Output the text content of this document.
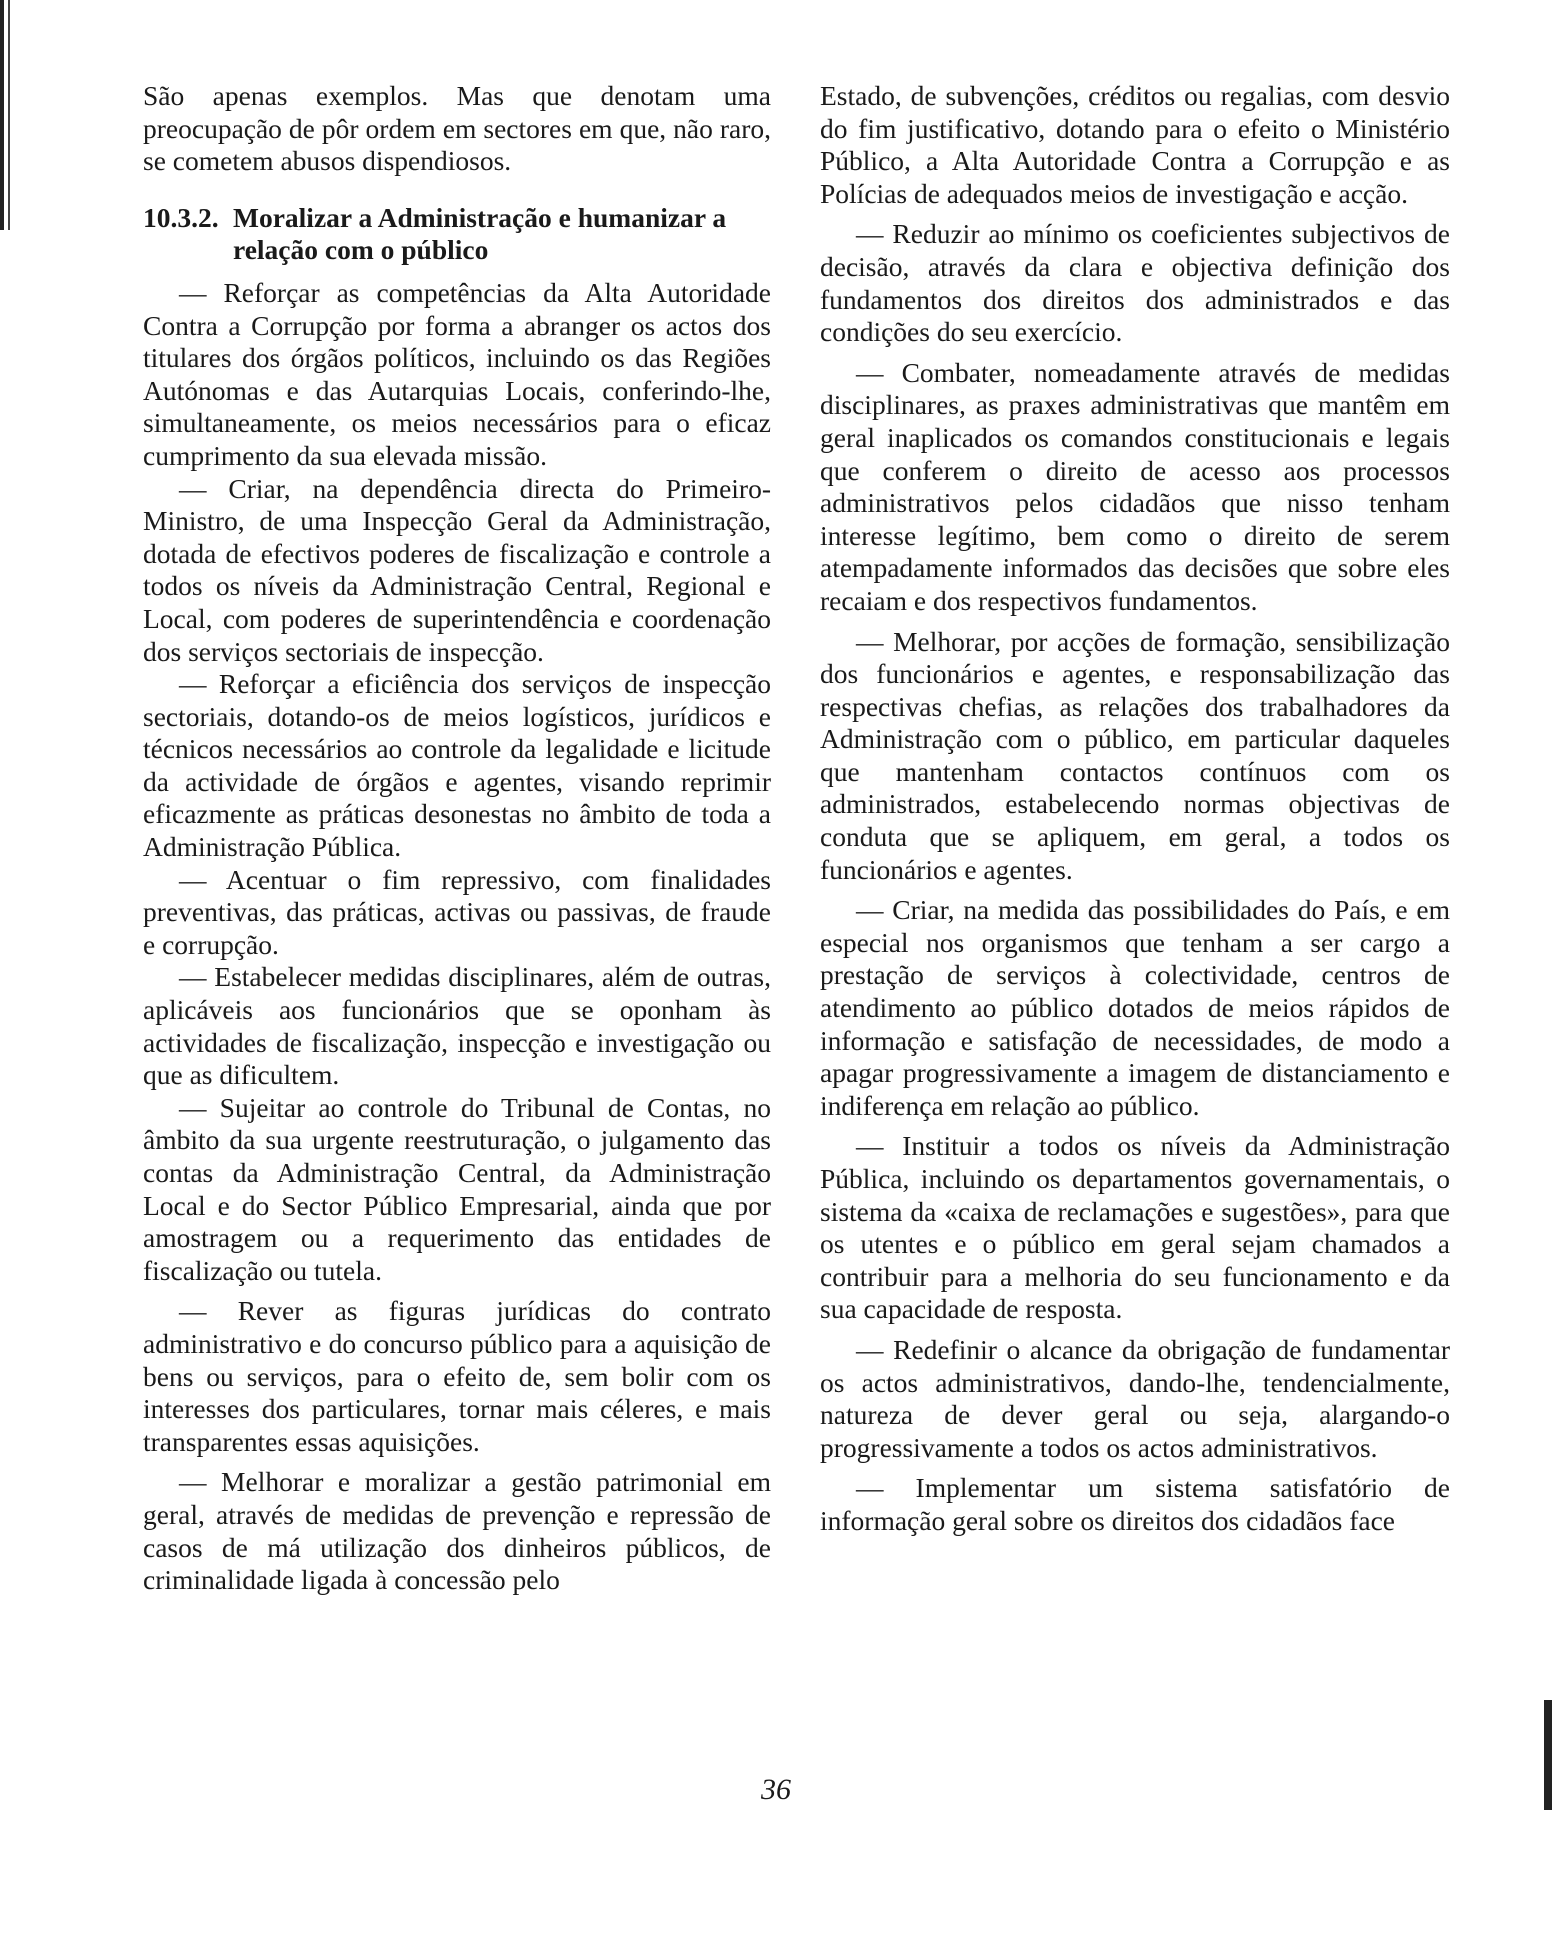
São apenas exemplos. Mas que denotam uma preocupação de pôr ordem em sectores em que, não raro, se cometem abusos dispendiosos.

10.3.2. Moralizar a Administração e humanizar a relação com o público

— Reforçar as competências da Alta Autoridade Contra a Corrupção por forma a abranger os actos dos titulares dos órgãos políticos, incluindo os das Regiões Autónomas e das Autarquias Locais, conferindo-lhe, simultaneamente, os meios necessários para o eficaz cumprimento da sua elevada missão.

— Criar, na dependência directa do Primeiro-Ministro, de uma Inspecção Geral da Administração, dotada de efectivos poderes de fiscalização e controle a todos os níveis da Administração Central, Regional e Local, com poderes de superintendência e coordenação dos serviços sectoriais de inspecção.

— Reforçar a eficiência dos serviços de inspecção sectoriais, dotando-os de meios logísticos, jurídicos e técnicos necessários ao controle da legalidade e licitude da actividade de órgãos e agentes, visando reprimir eficazmente as práticas desonestas no âmbito de toda a Administração Pública.

— Acentuar o fim repressivo, com finalidades preventivas, das práticas, activas ou passivas, de fraude e corrupção.

— Estabelecer medidas disciplinares, além de outras, aplicáveis aos funcionários que se oponham às actividades de fiscalização, inspecção e investigação ou que as dificultem.

— Sujeitar ao controle do Tribunal de Contas, no âmbito da sua urgente reestruturação, o julgamento das contas da Administração Central, da Administração Local e do Sector Público Empresarial, ainda que por amostragem ou a requerimento das entidades de fiscalização ou tutela.

— Rever as figuras jurídicas do contrato administrativo e do concurso público para a aquisição de bens ou serviços, para o efeito de, sem bolir com os interesses dos particulares, tornar mais céleres, e mais transparentes essas aquisições.

— Melhorar e moralizar a gestão patrimonial em geral, através de medidas de prevenção e repressão de casos de má utilização dos dinheiros públicos, de criminalidade ligada à concessão pelo

Estado, de subvenções, créditos ou regalias, com desvio do fim justificativo, dotando para o efeito o Ministério Público, a Alta Autoridade Contra a Corrupção e as Polícias de adequados meios de investigação e acção.

— Reduzir ao mínimo os coeficientes subjectivos de decisão, através da clara e objectiva definição dos fundamentos dos direitos dos administrados e das condições do seu exercício.

— Combater, nomeadamente através de medidas disciplinares, as praxes administrativas que mantêm em geral inaplicados os comandos constitucionais e legais que conferem o direito de acesso aos processos administrativos pelos cidadãos que nisso tenham interesse legítimo, bem como o direito de serem atempadamente informados das decisões que sobre eles recaiam e dos respectivos fundamentos.

— Melhorar, por acções de formação, sensibilização dos funcionários e agentes, e responsabilização das respectivas chefias, as relações dos trabalhadores da Administração com o público, em particular daqueles que mantenham contactos contínuos com os administrados, estabelecendo normas objectivas de conduta que se apliquem, em geral, a todos os funcionários e agentes.

— Criar, na medida das possibilidades do País, e em especial nos organismos que tenham a ser cargo a prestação de serviços à colectividade, centros de atendimento ao público dotados de meios rápidos de informação e satisfação de necessidades, de modo a apagar progressivamente a imagem de distanciamento e indiferença em relação ao público.

— Instituir a todos os níveis da Administração Pública, incluindo os departamentos governamentais, o sistema da «caixa de reclamações e sugestões», para que os utentes e o público em geral sejam chamados a contribuir para a melhoria do seu funcionamento e da sua capacidade de resposta.

— Redefinir o alcance da obrigação de fundamentar os actos administrativos, dando-lhe, tendencialmente, natureza de dever geral ou seja, alargando-o progressivamente a todos os actos administrativos.

— Implementar um sistema satisfatório de informação geral sobre os direitos dos cidadãos face

36
